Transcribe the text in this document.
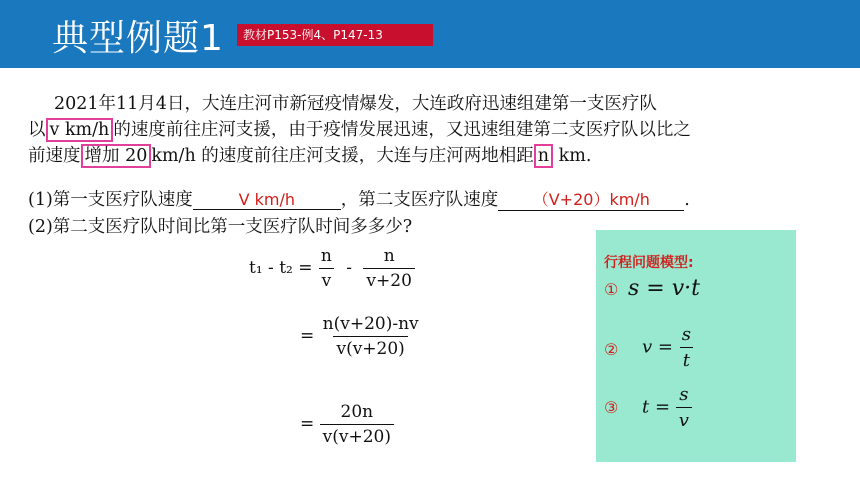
典型例题1	教材P153-例4、P147-13
2021年11月4日，大连庄河市新冠疫情爆发，大连政府迅速组建第一支医疗队
以 v km/h 的速度前往庄河支援，由于疫情发展迅速，又迅速组建第二支医疗队以比之
前速度 增加 20 km/h 的速度前往庄河支援，大连与庄河两地相距 n km.
(1)第一支医疗队速度	V km/h	，第二支医疗队速度 （V+20）km/h .
(2)第二支医疗队时间比第一支医疗队时间多多少?
$t_1 - t_2 = \frac{n}{v} - \frac{n}{v+20}$
= $\frac{n(v+20)-nv}{v(v+20)}$
= $\frac{20n}{v(v+20)}$
行程问题模型:
① s = v·t
② $v = \frac{s}{t}$
③ $t = \frac{s}{v}$
